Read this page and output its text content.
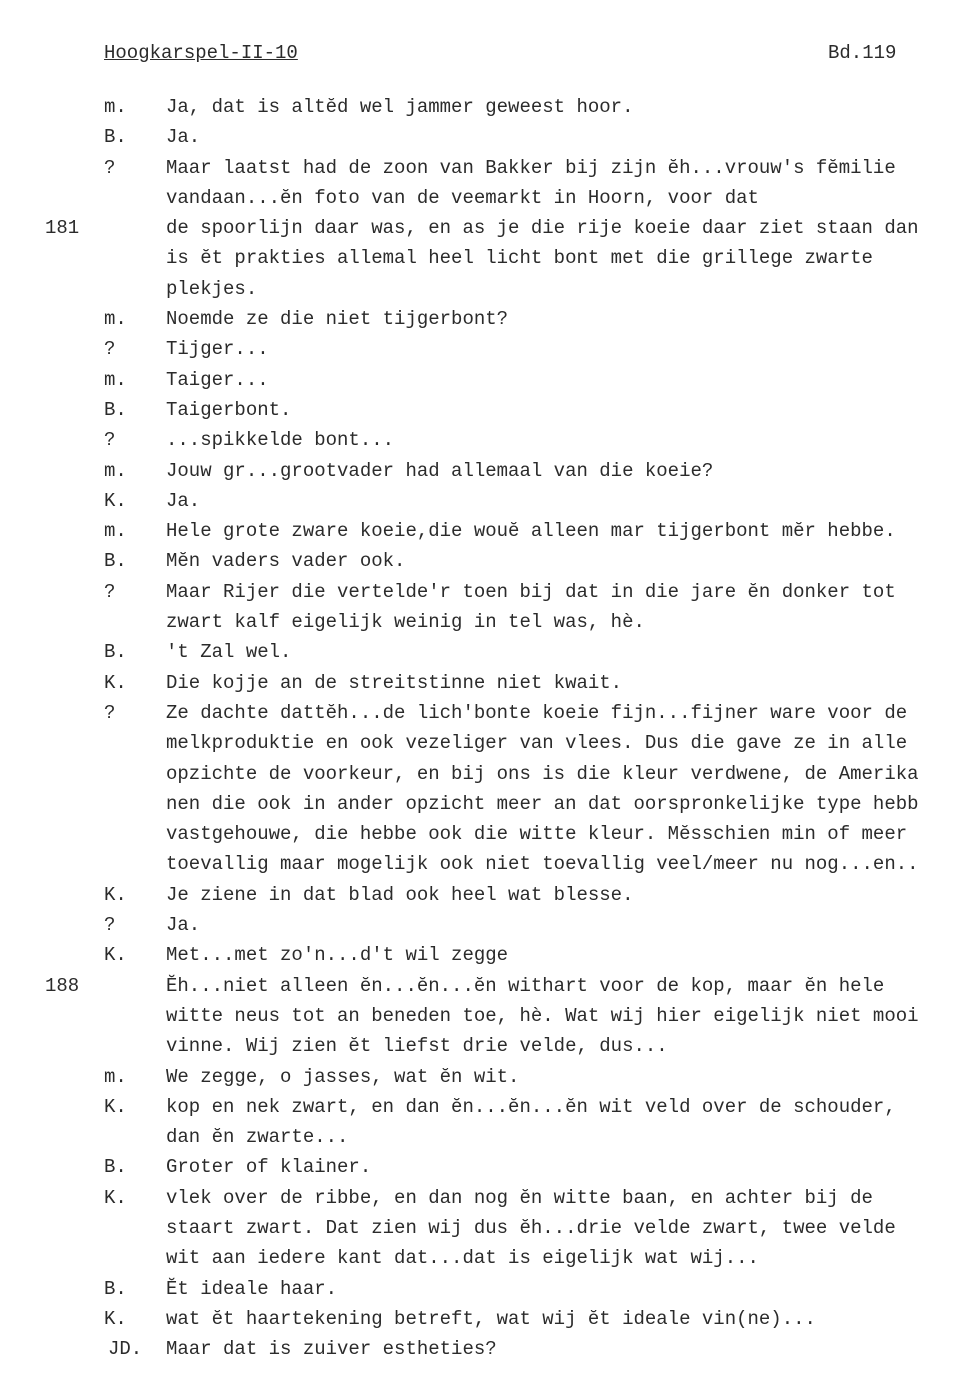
Hoogkarspel-II-10	Bd.119
m. Ja, dat is altĕd wel jammer geweest hoor.
B. Ja.
?	Maar laatst had de zoon van Bakker bij zijn ĕh...vrouw's fĕmilie
vandaan...ĕn foto van de veemarkt in Hoorn, voor dat
181	de spoorlijn daar was, en as je die rije koeie daar ziet staan dan
is ĕt prakties allemal heel licht bont met die grillege zwarte
plekjes.
m. Noemde ze die niet tijgerbont?
?	Tijger...
m. Taiger...
B. Taigerbont.
?	...spikkelde bont...
m. Jouw gr...grootvader had allemaal van die koeie?
K. Ja.
m. Hele grote zware koeie,die wouĕ alleen mar tijgerbont mĕr hebbe.
B. Mĕn vaders vader ook.
?	Maar Rijer die vertelde'r toen bij dat in die jare ĕn donker tot
zwart kalf eigelijk weinig in tel was, hè.
B. 't Zal wel.
K. Die kojje an de streitstinne niet kwait.
?	Ze dachte dattĕh...de lich'bonte koeie fijn...fijner ware voor de
melkproduktie en ook vezeliger van vlees. Dus die gave ze in alle
opzichte de voorkeur, en bij ons is die kleur verdwene, de Amerika
nen die ook in ander opzicht meer an dat oorspronkelijke type hebb
vastgehouwe, die hebbe ook die witte kleur. Mĕsschien min of meer
toevallig maar mogelijk ook niet toevallig veel/meer nu nog...en..
K. Je ziene in dat blad ook heel wat blesse.
?	Ja.
K. Met...met zo'n...d't wil zegge
188	Ĕh...niet alleen ĕn...ĕn...ĕn withart voor de kop, maar ĕn hele
witte neus tot an beneden toe, hè. Wat wij hier eigelijk niet mooi
vinne. Wij zien ĕt liefst drie velde, dus...
m. We zegge, o jasses, wat ĕn wit.
K. kop en nek zwart, en dan ĕn...ĕn...ĕn wit veld over de schouder,
dan ĕn zwarte...
B. Groter of klainer.
K. vlek over de ribbe, en dan nog ĕn witte baan, en achter bij de
staart zwart. Dat zien wij dus ĕh...drie velde zwart, twee velde
wit aan iedere kant dat...dat is eigelijk wat wij...
B. Ĕt ideale haar.
K. wat ĕt haartekening betreft, wat wij ĕt ideale vin(ne)...
JD. Maar dat is zuiver estheties?
